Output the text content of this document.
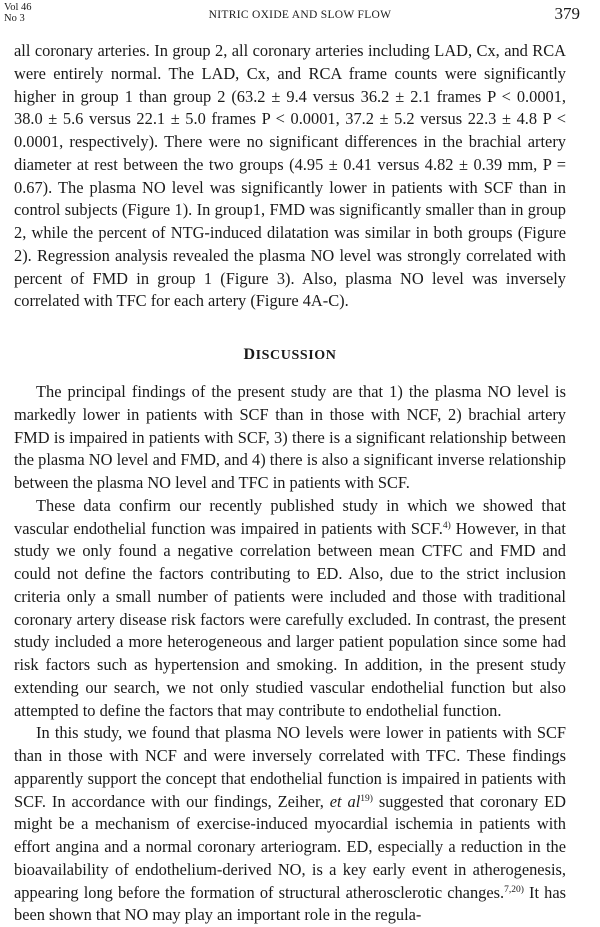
Vol 46
No 3	NITRIC OXIDE AND SLOW FLOW	379

all coronary arteries. In group 2, all coronary arteries including LAD, Cx, and RCA were entirely normal. The LAD, Cx, and RCA frame counts were significantly higher in group 1 than group 2 (63.2 ± 9.4 versus 36.2 ± 2.1 frames P < 0.0001, 38.0 ± 5.6 versus 22.1 ± 5.0 frames P < 0.0001, 37.2 ± 5.2 versus 22.3 ± 4.8 P < 0.0001, respectively). There were no significant differences in the brachial artery diameter at rest between the two groups (4.95 ± 0.41 versus 4.82 ± 0.39 mm, P = 0.67). The plasma NO level was significantly lower in patients with SCF than in control subjects (Figure 1). In group1, FMD was significantly smaller than in group 2, while the percent of NTG-induced dilatation was similar in both groups (Figure 2). Regression analysis revealed the plasma NO level was strongly correlated with percent of FMD in group 1 (Figure 3). Also, plasma NO level was inversely correlated with TFC for each artery (Figure 4A-C).

DISCUSSION

The principal findings of the present study are that 1) the plasma NO level is markedly lower in patients with SCF than in those with NCF, 2) brachial artery FMD is impaired in patients with SCF, 3) there is a significant relationship between the plasma NO level and FMD, and 4) there is also a significant inverse relationship between the plasma NO level and TFC in patients with SCF.

These data confirm our recently published study in which we showed that vascular endothelial function was impaired in patients with SCF.$^{4)}$ However, in that study we only found a negative correlation between mean CTFC and FMD and could not define the factors contributing to ED. Also, due to the strict inclusion criteria only a small number of patients were included and those with traditional coronary artery disease risk factors were carefully excluded. In contrast, the present study included a more heterogeneous and larger patient population since some had risk factors such as hypertension and smoking. In addition, in the present study extending our search, we not only studied vascular endothelial function but also attempted to define the factors that may contribute to endothelial function.

In this study, we found that plasma NO levels were lower in patients with SCF than in those with NCF and were inversely correlated with TFC. These findings apparently support the concept that endothelial function is impaired in patients with SCF. In accordance with our findings, Zeiher, et $al^{19)}$ suggested that coronary ED might be a mechanism of exercise-induced myocardial ischemia in patients with effort angina and a normal coronary arteriogram. ED, especially a reduction in the bioavailability of endothelium-derived NO, is a key early event in atherogenesis, appearing long before the formation of structural atherosclerotic changes.$^{7,20)}$ It has been shown that NO may play an important role in the regula-
